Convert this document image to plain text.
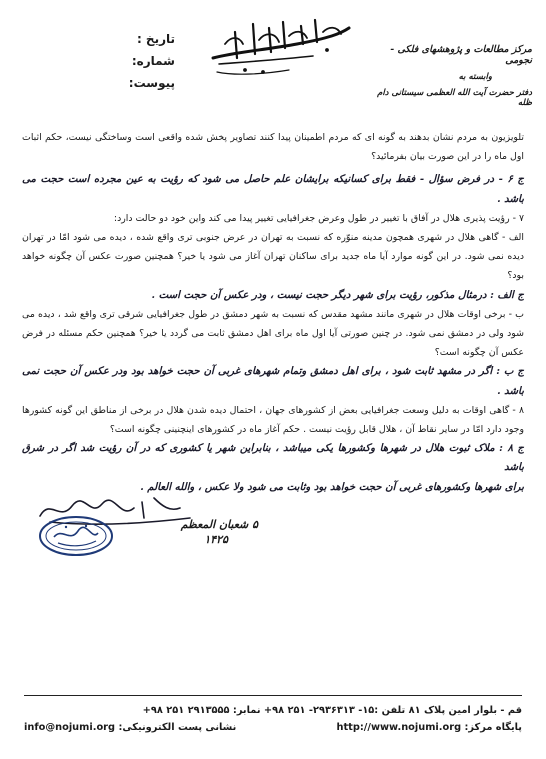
مرکز مطالعات و پژوهشهای فلکی - نجومی
وابسته به
دفتر حضرت آیت الله العظمی سیستانی دام ظله
تاریخ :
شماره:
پیوست:

تلویزیون به مردم نشان بدهند به گونه ای که مردم اطمینان پیدا کنند تصاویر پخش شده واقعی است وساختگی نیست، حکم اثبات اول ماه را در این صورت بیان بفرمائید؟

ج ۶ - در فرض سؤال - فقط برای کسانیکه برایشان علم حاصل می شود که رؤیت به عین مجرده است حجت می باشد .

۷ - رؤیت پذیری هلال در آفاق با تغییر در طول وعرض جغرافیایی تغییر پیدا می کند واین خود دو حالت دارد:

الف - گاهی هلال در شهری همچون مدینه منوّره که نسبت به تهران در عرض جنوبی تری واقع شده ، دیده می شود امّا در تهران دیده نمی شود. در این گونه موارد آیا ماه جدید برای ساکنان تهران آغاز می شود یا خیر؟ همچنین صورت عکس آن چگونه خواهد بود؟

ج الف : درمثال مذکور، رؤیت برای شهر دیگر حجت نیست ، ودر عکس آن حجت است .

ب - برخی اوقات هلال در شهری مانند مشهد مقدس که نسبت به شهر دمشق در طول جغرافیایی شرقی تری واقع شد ، دیده می شود ولی در دمشق نمی شود. در چنین صورتی آیا اول ماه برای اهل دمشق ثابت می گردد یا خیر؟ همچنین حکم مسئله در فرض عکس آن چگونه است؟

ج ب : اگر در مشهد ثابت شود ، برای اهل دمشق وتمام شهرهای غربی آن حجت خواهد بود ودر عکس آن حجت نمی باشد .

۸ - گاهی اوقات به دلیل وسعت جغرافیایی بعض از کشورهای جهان ، احتمال دیده شدن هلال در برخی از مناطق این گونه کشورها وجود دارد امّا در سایر نقاط آن ، هلال قابل رؤیت نیست . حکم آغاز ماه در کشورهای اینچنینی چگونه است؟

ج ۸ : ملاک ثبوت هلال در شهرها وکشورها یکی میباشد ، بنابراین شهر یا کشوری که در آن رؤیت شد اگر در شرق باشد

برای شهرها وکشورهای غربی آن حجت خواهد بود وثابت می شود ولا عکس ، والله العالم .

۵ شعبان المعظم
۱۴۲۵
قم - بلوار امین پلاک ۸۱ تلفن :۱۵- ۲۹۳۶۳۱۳- ۲۵۱ ۹۸+ نمابر: ۲۹۱۳۵۵۵ ۲۵۱ ۹۸+
پایگاه مرکز: http://www.nojumi.org
نشانی پست الکترونیکی: info@nojumi.org
